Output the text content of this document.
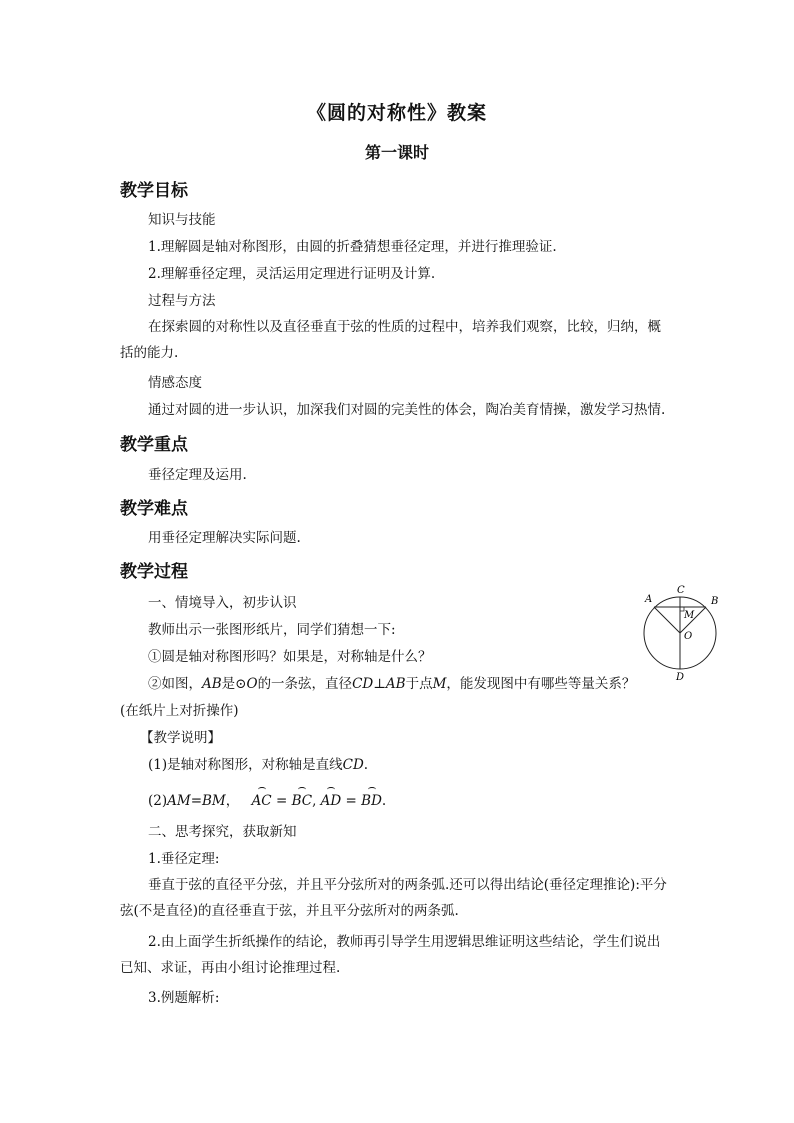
《圆的对称性》教案
第一课时
教学目标
知识与技能
1.理解圆是轴对称图形，由圆的折叠猜想垂径定理，并进行推理验证.
2.理解垂径定理，灵活运用定理进行证明及计算.
过程与方法
在探索圆的对称性以及直径垂直于弦的性质的过程中，培养我们观察，比较，归纳，概括的能力.
情感态度
通过对圆的进一步认识，加深我们对圆的完美性的体会，陶冶美育情操，激发学习热情.
教学重点
垂径定理及运用.
教学难点
用垂径定理解决实际问题.
教学过程
一、情境导入，初步认识
教师出示一张图形纸片，同学们猜想一下:
①圆是轴对称图形吗？如果是，对称轴是什么？
②如图，AB是⊙O的一条弦，直径CD⊥AB于点M，能发现图中有哪些等量关系？
(在纸片上对折操作)
【教学说明】
(1)是轴对称图形，对称轴是直线CD.
(2)AM=BM， AC = BC, AD = BD.
二、思考探究，获取新知
1.垂径定理:
垂直于弦的直径平分弦，并且平分弦所对的两条弧.还可以得出结论(垂径定理推论):平分弦(不是直径)的直径垂直于弦，并且平分弦所对的两条弧.
2.由上面学生折纸操作的结论，教师再引导学生用逻辑思维证明这些结论，学生们说出已知、求证，再由小组讨论推理过程.
3.例题解析:
A	B
C
D
M
O
